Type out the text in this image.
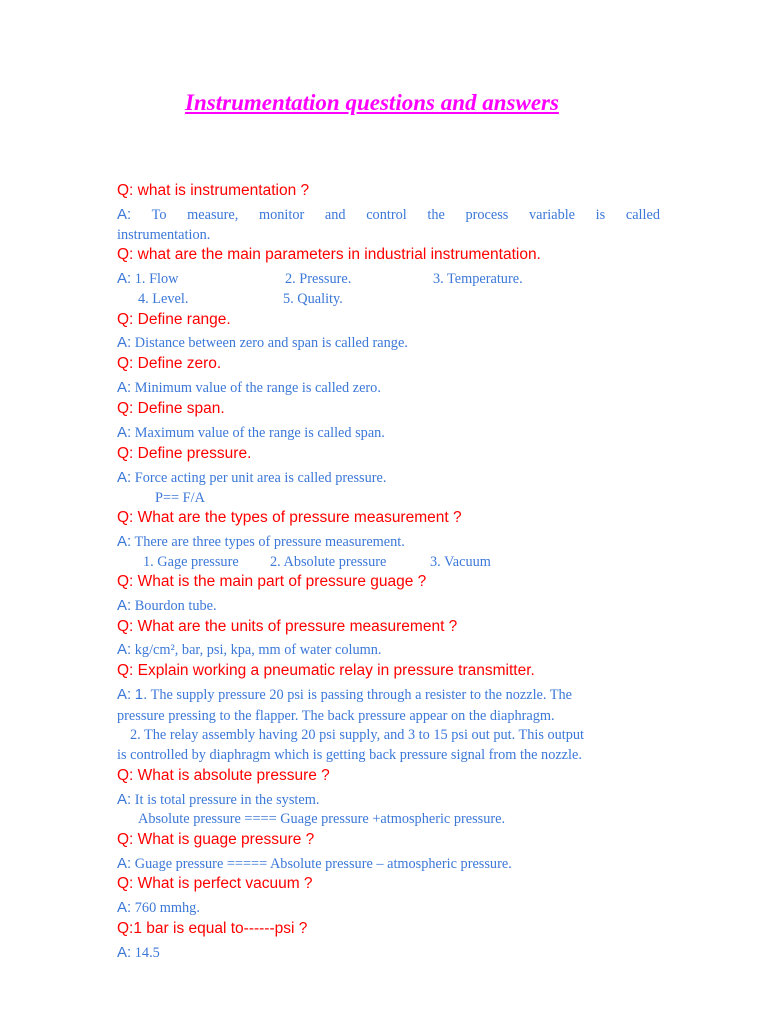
Instrumentation questions and answers
Q: what is instrumentation ?
A: To measure, monitor and control the process variable is called
instrumentation.
Q: what are the main parameters in industrial instrumentation.
A: 1. Flow	2. Pressure.	3. Temperature.
4. Level.	5. Quality.
Q: Define range.
A: Distance between zero and span is called range.
Q: Define zero.
A: Minimum value of the range is called zero.
Q: Define span.
A: Maximum value of the range is called span.
Q: Define pressure.
A: Force acting per unit area is called pressure.
P== F/A
Q: What are the types of pressure measurement ?
A: There are three types of pressure measurement.
1. Gage pressure 2. Absolute pressure	3. Vacuum
Q: What is the main part of pressure guage ?
A: Bourdon tube.
Q: What are the units of pressure measurement ?
A: kg/cm², bar, psi, kpa, mm of water column.
Q: Explain working a pneumatic relay in pressure transmitter.
A: 1. The supply pressure 20 psi is passing through a resister to the nozzle. The
pressure pressing to the flapper. The back pressure appear on the diaphragm.
2. The relay assembly having 20 psi supply, and 3 to 15 psi out put. This output
is controlled by diaphragm which is getting back pressure signal from the nozzle.
Q: What is absolute pressure ?
A: It is total pressure in the system.
Absolute pressure ==== Guage pressure +atmospheric pressure.
Q: What is guage pressure ?
A: Guage pressure ===== Absolute pressure – atmospheric pressure.
Q: What is perfect vacuum ?
A: 760 mmhg.
Q:1 bar is equal to------psi ?
A: 14.5
